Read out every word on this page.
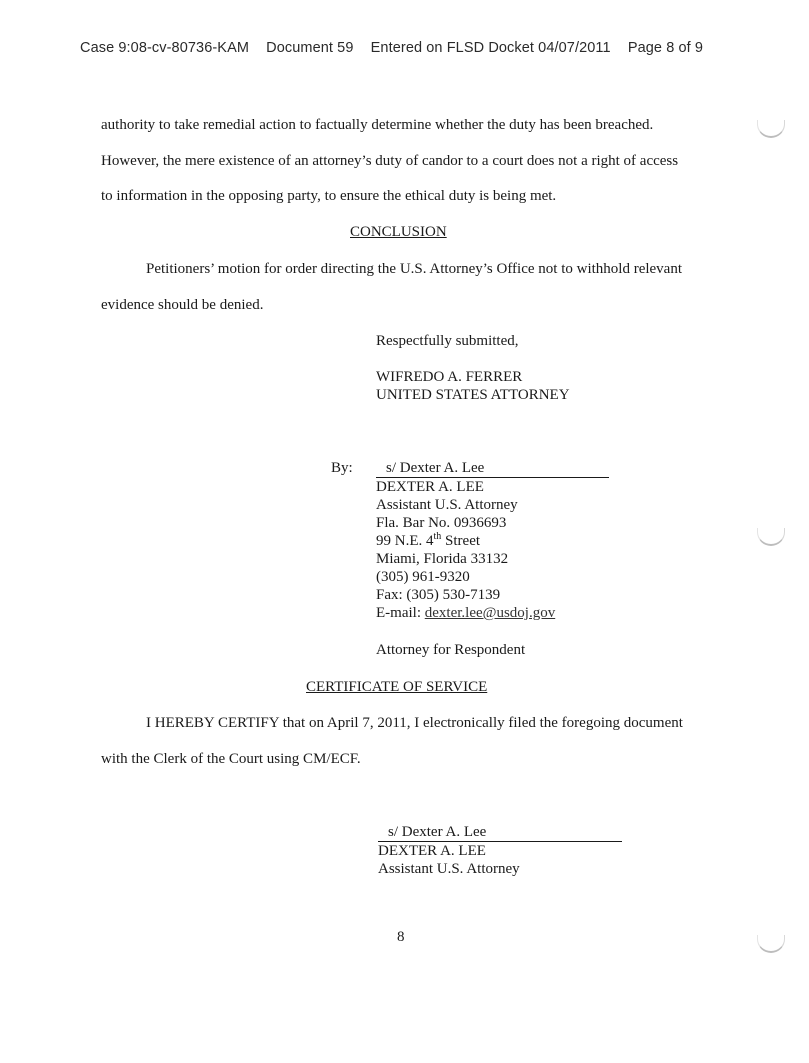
Case 9:08-cv-80736-KAM Document 59 Entered on FLSD Docket 04/07/2011 Page 8 of 9
authority to take remedial action to factually determine whether the duty has been breached.
However, the mere existence of an attorney’s duty of candor to a court does not a right of access
to information in the opposing party, to ensure the ethical duty is being met.
CONCLUSION
Petitioners’ motion for order directing the U.S. Attorney’s Office not to withhold relevant
evidence should be denied.
Respectfully submitted,
WIFREDO A. FERRER
UNITED STATES ATTORNEY
By: s/ Dexter A. Lee
DEXTER A. LEE
Assistant U.S. Attorney
Fla. Bar No. 0936693
99 N.E. 4th Street
Miami, Florida 33132
(305) 961-9320
Fax: (305) 530-7139
E-mail: dexter.lee@usdoj.gov
Attorney for Respondent
CERTIFICATE OF SERVICE
I HEREBY CERTIFY that on April 7, 2011, I electronically filed the foregoing document
with the Clerk of the Court using CM/ECF.
s/ Dexter A. Lee
DEXTER A. LEE
Assistant U.S. Attorney
8
